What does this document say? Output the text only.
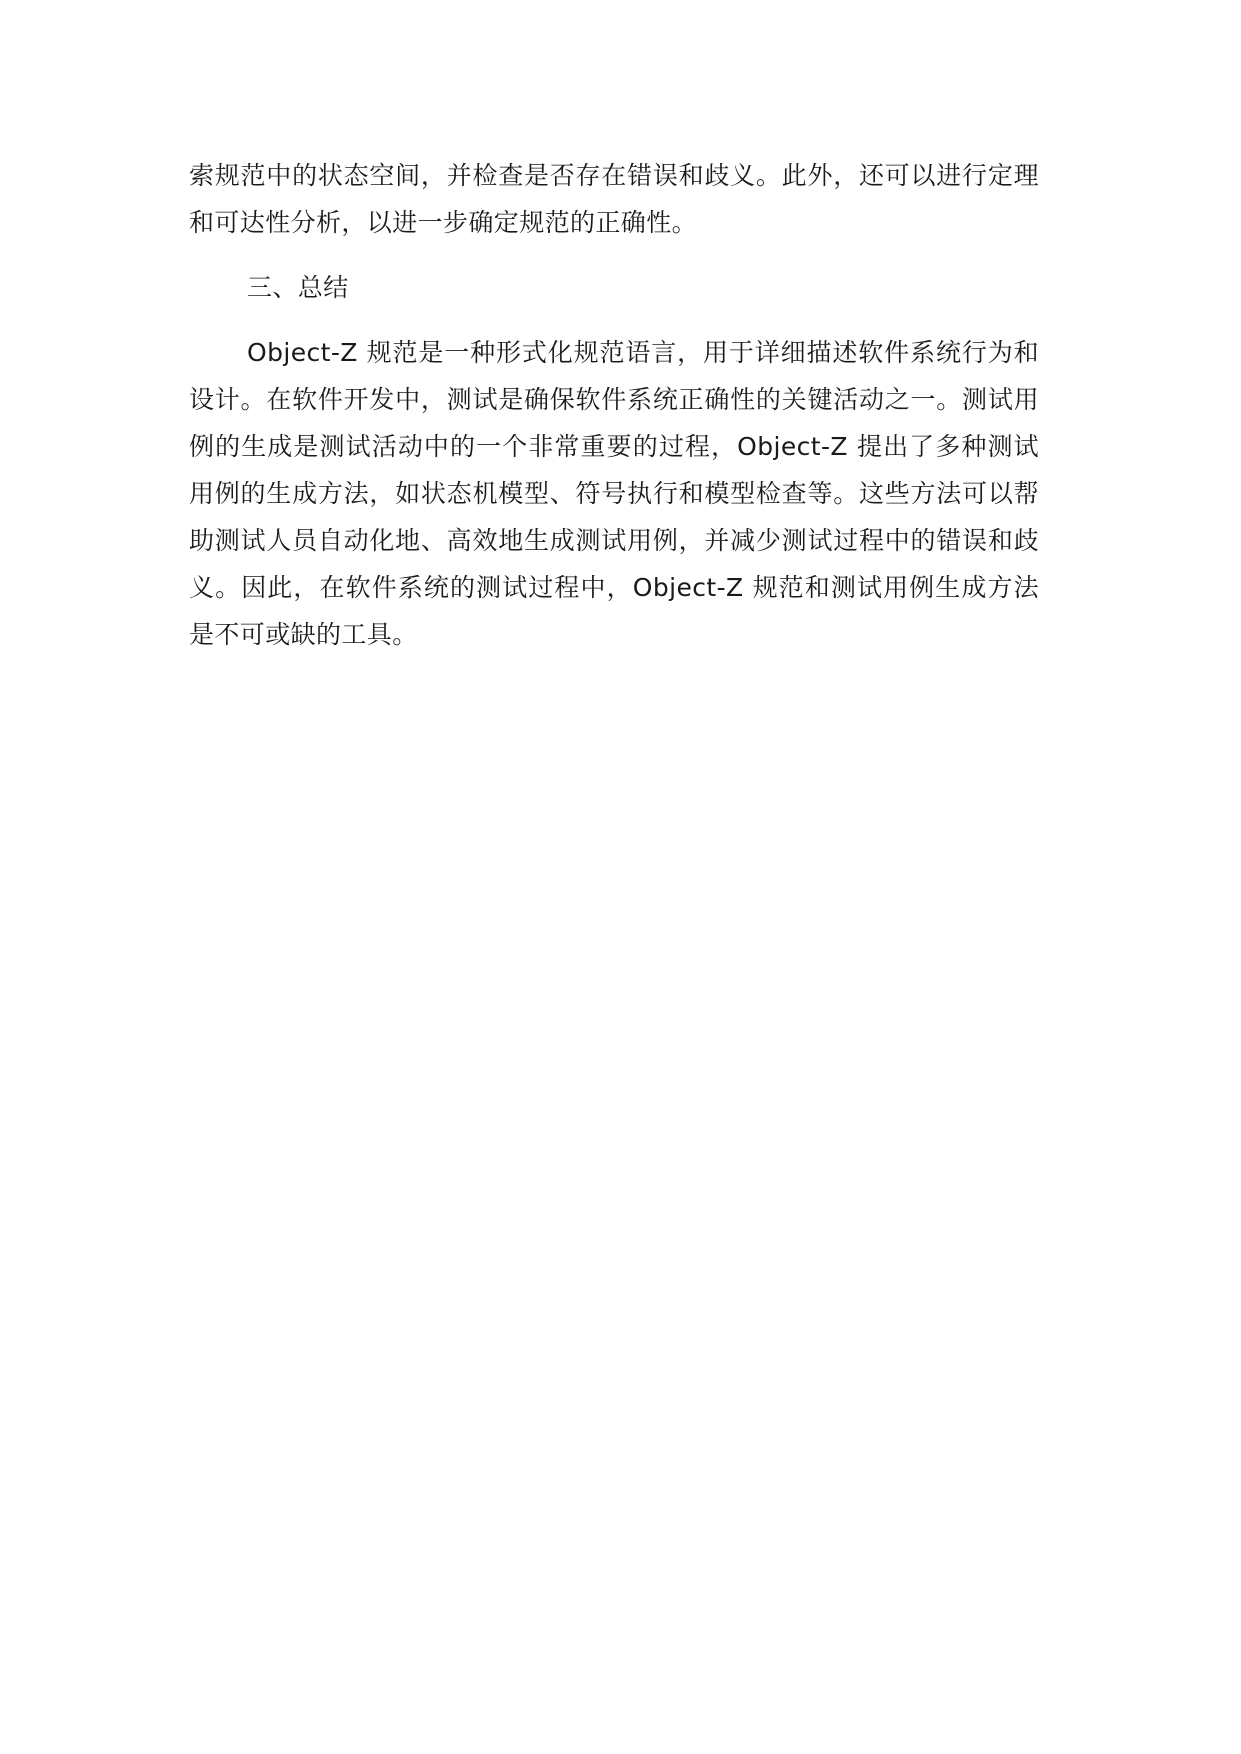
索规范中的状态空间，并检查是否存在错误和歧义。此外，还可以进行定理和可达性分析，以进一步确定规范的正确性。

三、总结

Object-Z 规范是一种形式化规范语言，用于详细描述软件系统行为和设计。在软件开发中，测试是确保软件系统正确性的关键活动之一。测试用例的生成是测试活动中的一个非常重要的过程，Object-Z 提出了多种测试用例的生成方法，如状态机模型、符号执行和模型检查等。这些方法可以帮助测试人员自动化地、高效地生成测试用例，并减少测试过程中的错误和歧义。因此，在软件系统的测试过程中，Object-Z 规范和测试用例生成方法是不可或缺的工具。
